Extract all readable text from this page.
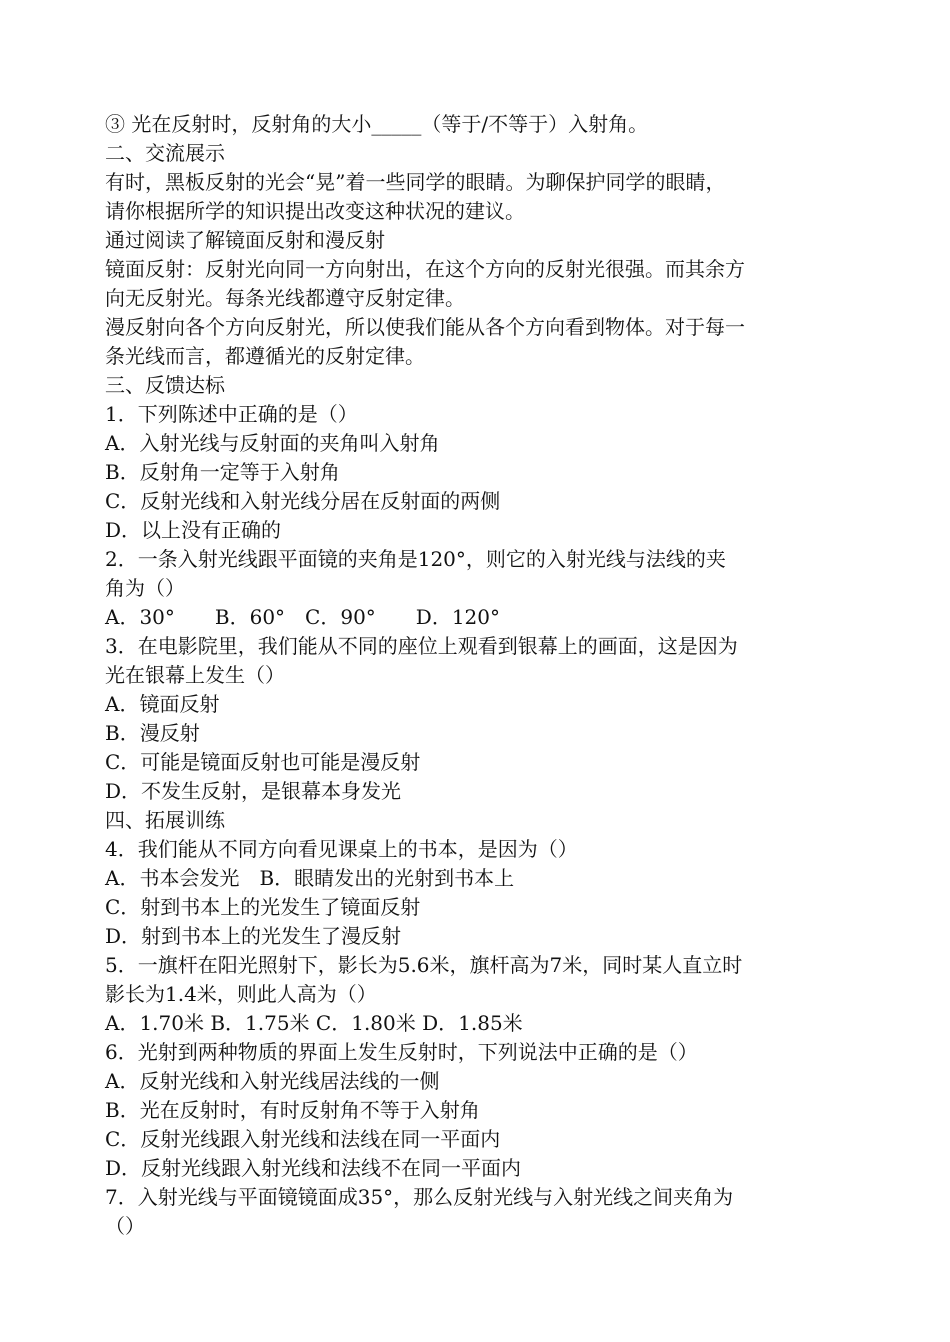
③ 光在反射时，反射角的大小_____（等于/不等于）入射角。
二、交流展示
有时，黑板反射的光会“晃”着一些同学的眼睛。为聊保护同学的眼睛，请你根据所学的知识提出改变这种状况的建议。
通过阅读了解镜面反射和漫反射
镜面反射：反射光向同一方向射出，在这个方向的反射光很强。而其余方向无反射光。每条光线都遵守反射定律。
漫反射向各个方向反射光，所以使我们能从各个方向看到物体。对于每一条光线而言，都遵循光的反射定律。
三、反馈达标
1．下列陈述中正确的是（）
A．入射光线与反射面的夹角叫入射角
B．反射角一定等于入射角
C．反射光线和入射光线分居在反射面的两侧
D．以上没有正确的
2．一条入射光线跟平面镜的夹角是120°，则它的入射光线与法线的夹角为（）
A．30°　　B．60°　C．90°　　D．120°
3．在电影院里，我们能从不同的座位上观看到银幕上的画面，这是因为光在银幕上发生（）
A．镜面反射
B．漫反射
C．可能是镜面反射也可能是漫反射
D．不发生反射，是银幕本身发光
四、拓展训练
4．我们能从不同方向看见课桌上的书本，是因为（）
A．书本会发光　B．眼睛发出的光射到书本上
C．射到书本上的光发生了镜面反射
D．射到书本上的光发生了漫反射
5．一旗杆在阳光照射下，影长为5.6米，旗杆高为7米，同时某人直立时影长为1.4米，则此人高为（）
A．1.70米 B．1.75米 C．1.80米 D．1.85米
6．光射到两种物质的界面上发生反射时，下列说法中正确的是（）
A．反射光线和入射光线居法线的一侧
B．光在反射时，有时反射角不等于入射角
C．反射光线跟入射光线和法线在同一平面内
D．反射光线跟入射光线和法线不在同一平面内
7．入射光线与平面镜镜面成35°，那么反射光线与入射光线之间夹角为（）
